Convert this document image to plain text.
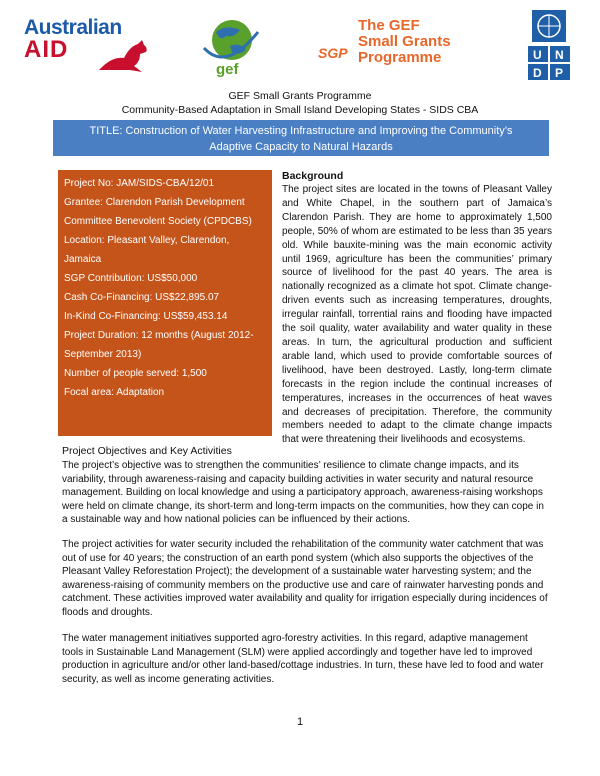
Australian
AID
gef
SGP
The GEF
Small Grants
Programme	U N
D P
GEF Small Grants Programme
Community-Based Adaptation in Small Island Developing States - SIDS CBA
TITLE: Construction of Water Harvesting Infrastructure and Improving the Community’s
Adaptive Capacity to Natural Hazards
Project No: JAM/SIDS-CBA/12/01
Grantee: Clarendon Parish Development
Committee Benevolent Society (CPDCBS)
Location: Pleasant Valley, Clarendon,
Jamaica
SGP Contribution: US$50,000
Cash Co-Financing: US$22,895.07
In-Kind Co-Financing: US$59,453.14
Project Duration: 12 months (August 2012-
September 2013)
Number of people served: 1,500
Focal area: Adaptation
Background
The project sites are located in the towns of Pleasant Valley and White Chapel, in the southern part of Jamaica’s Clarendon Parish. They are home to approximately 1,500 people, 50% of whom are estimated to be less than 35 years old. While bauxite-mining was the main economic activity until 1969, agriculture has been the communities’ primary source of livelihood for the past 40 years. The area is nationally recognized as a climate hot spot. Climate change-driven events such as increasing temperatures, droughts, irregular rainfall, torrential rains and flooding have impacted the soil quality, water availability and water quality in these areas. In turn, the agricultural production and sufficient arable land, which used to provide comfortable sources of livelihood, have been destroyed. Lastly, long-term climate forecasts in the region include the continual increases of temperatures, increases in the occurrences of heat waves and decreases of precipitation. Therefore, the community members needed to adapt to the climate change impacts that were threatening their livelihoods and ecosystems.
Project Objectives and Key Activities
The project’s objective was to strengthen the communities’ resilience to climate change impacts, and its variability, through awareness-raising and capacity building activities in water security and natural resource management. Building on local knowledge and using a participatory approach, awareness-raising workshops were held on climate change, its short-term and long-term impacts on the communities, how they can cope in a sustainable way and how national policies can be influenced by their actions.
The project activities for water security included the rehabilitation of the community water catchment that was out of use for 40 years; the construction of an earth pond system (which also supports the objectives of the Pleasant Valley Reforestation Project); the development of a sustainable water harvesting system; and the awareness-raising of community members on the productive use and care of rainwater harvesting ponds and catchment. These activities improved water availability and quality for irrigation especially during incidences of floods and droughts.
The water management initiatives supported agro-forestry activities. In this regard, adaptive management tools in Sustainable Land Management (SLM) were applied accordingly and together have led to improved production in agriculture and/or other land-based/cottage industries. In turn, these have led to food and water security, as well as income generating activities.
1
